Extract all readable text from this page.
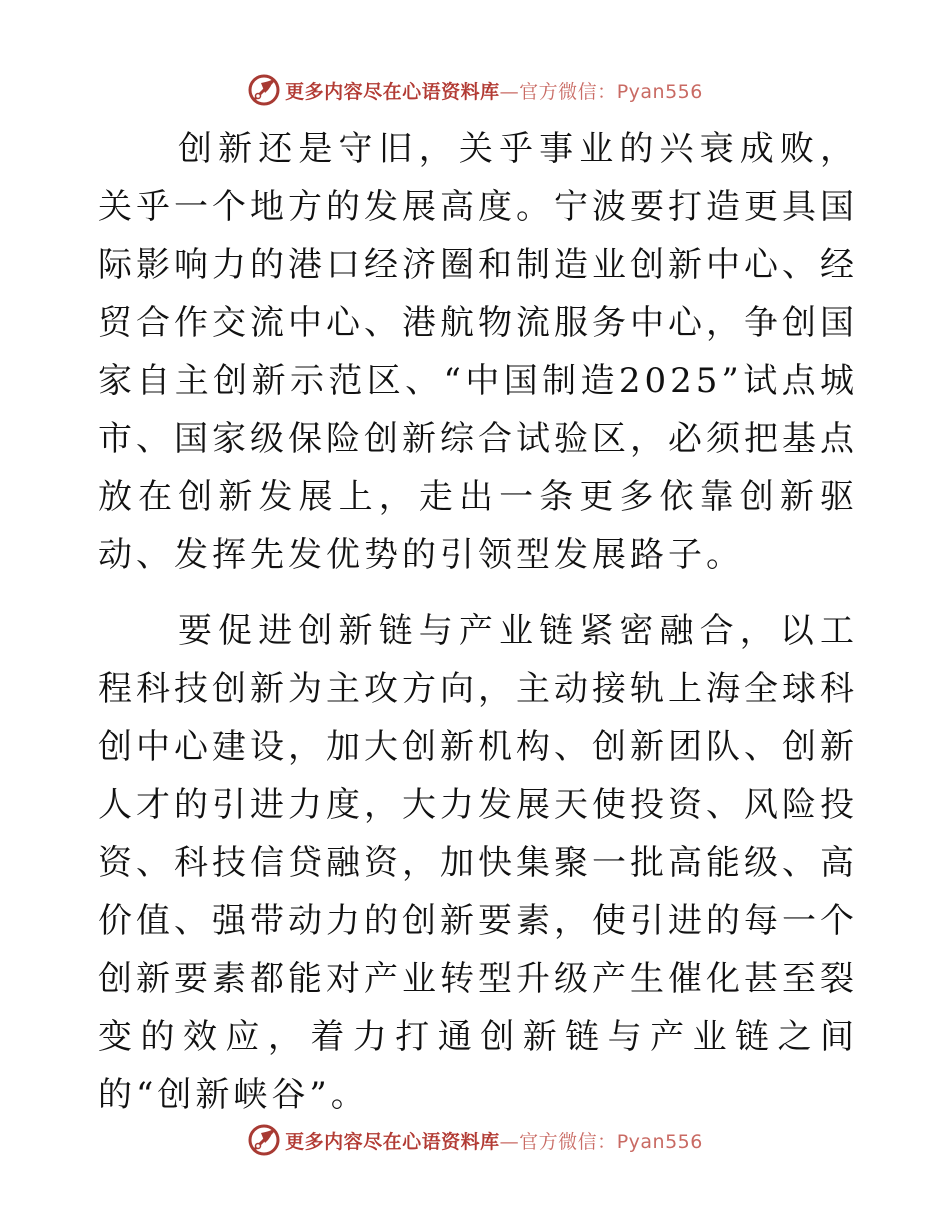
更多内容尽在心语资料库—官方微信：Pyan556

创新还是守旧，关乎事业的兴衰成败，关乎一个地方的发展高度。宁波要打造更具国际影响力的港口经济圈和制造业创新中心、经贸合作交流中心、港航物流服务中心，争创国家自主创新示范区、“中国制造2025”试点城市、国家级保险创新综合试验区，必须把基点放在创新发展上，走出一条更多依靠创新驱动、发挥先发优势的引领型发展路子。

要促进创新链与产业链紧密融合，以工程科技创新为主攻方向，主动接轨上海全球科创中心建设，加大创新机构、创新团队、创新人才的引进力度，大力发展天使投资、风险投资、科技信贷融资，加快集聚一批高能级、高价值、强带动力的创新要素，使引进的每一个创新要素都能对产业转型升级产生催化甚至裂变的效应，着力打通创新链与产业链之间的“创新峡谷”。

更多内容尽在心语资料库—官方微信：Pyan556
